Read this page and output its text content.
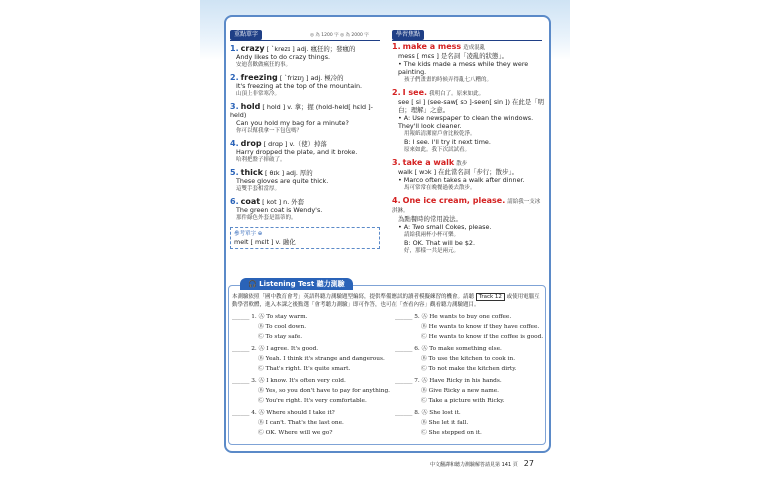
重點單字	◎ 為 1200 字 ◎ 為 2000 字
1. crazy [ ˋkrezɪ ] adj. 瘋狂的；發瘋的
Andy likes to do crazy things.
安迪喜歡做瘋狂的事。
2. freezing [ ˋfrizɪŋ ] adj. 極冷的
It's freezing at the top of the mountain.
山頂上非常寒冷。
3. hold [ hold ] v. 拿；握 (hold-held[ hɛld ]-held)
Can you hold my bag for a minute?
你可以幫我拿一下包包嗎？
4. drop [ drɑp ] v.（使）掉落
Harry dropped the plate, and it broke.
哈利把盤子摔破了。
5. thick [ θɪk ] adj. 厚的
These gloves are quite thick.
這雙手套相當厚。
6. coat [ kot ] n. 外套
The green coat is Wendy's.
那件綠色外套是溫蒂的。
參考單字 ⊕
melt [ mɛlt ] v. 融化
學習焦點
1. make a mess 造成混亂
mess [ mɛs ] 是名詞「凌亂的狀態」。
• The kids made a mess while they were painting.
孩子們畫畫的時候弄得亂七八糟的。
2. I see. 我明白了。原來如此。
see [ si ] (see-saw[ sɔ ]-seen[ sin ]) 在此是「明白；理解」之意。
• A: Use newspaper to clean the windows. They'll look cleaner.
用報紙清潔窗戶會比較乾淨。
B: I see. I'll try it next time.
原來如此。我下次試試看。
3. take a walk 散步
walk [ wɔk ] 在此當名詞「步行；散步」。
• Marco often takes a walk after dinner.
馬可常常在晚餐過後去散步。
4. One ice cream, please. 請給我一支冰淇淋。
為點餐時的常用說法。
• A: Two small Cokes, please.
請給我兩杯小杯可樂。
B: OK. That will be $2.
好，那樣一共是兩元。
🎧 Listening Test 聽力測驗
本測驗依照「國中教育會考」英語科聽力測驗題型編寫，提供準備應試的讀者模擬練習的機會。請聽 Track 12 或使用電腦互動學習軟體，進入本課之後點選「會考聽力測驗」即可作答，也可在「查看內容」觀看聽力測驗題目。
______ 1. Ⓐ To stay warm.
Ⓑ To cool down.
Ⓒ To stay safe.
______ 2. Ⓐ I agree. It's good.
Ⓑ Yeah. I think it's strange and dangerous.
Ⓒ That's right. It's quite smart.
______ 3. Ⓐ I know. It's often very cold.
Ⓑ Yes, so you don't have to pay for anything.
Ⓒ You're right. It's very comfortable.
______ 4. Ⓐ Where should I take it?
Ⓑ I can't. That's the last one.
Ⓒ OK. Where will we go?
______ 5. Ⓐ He wants to buy one coffee.
Ⓑ He wants to know if they have coffee.
Ⓒ He wants to know if the coffee is good.
______ 6. Ⓐ To make something else.
Ⓑ To use the kitchen to cook in.
Ⓒ To not make the kitchen dirty.
______ 7. Ⓐ Have Ricky in his hands.
Ⓑ Give Ricky a new name.
Ⓒ Take a picture with Ricky.
______ 8. Ⓐ She lost it.
Ⓑ She let it fall.
Ⓒ She stepped on it.
中文翻譯和聽力測驗解答請見第 141 頁 27
